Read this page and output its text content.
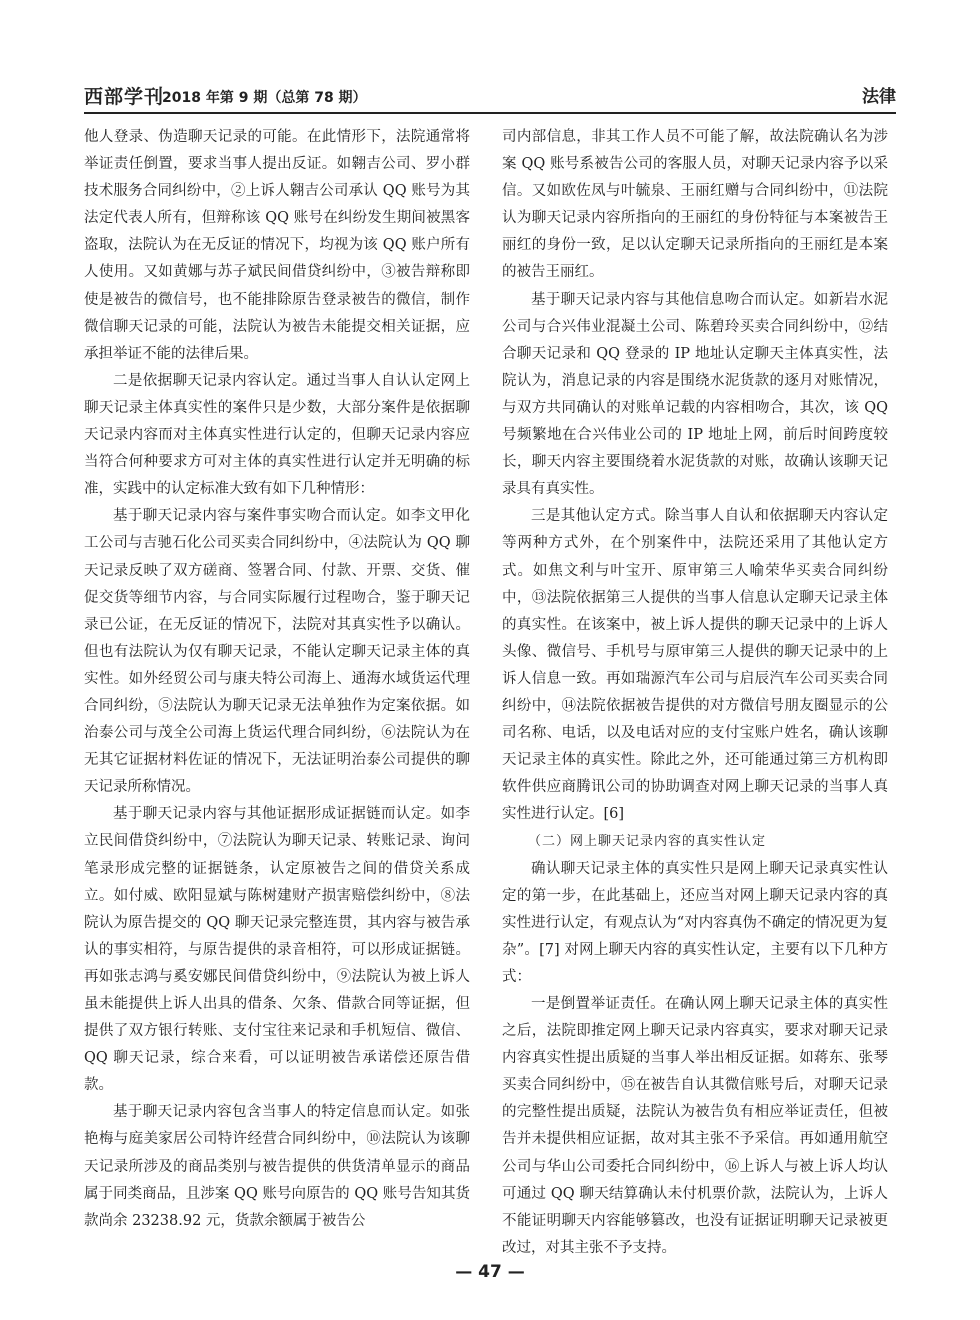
西部学刊
2018 年第 9 期（总第 78 期）	法律

他人登录、伪造聊天记录的可能。在此情形下，法院通常将举证责任倒置，要求当事人提出反证。如翱吉公司、罗小群技术服务合同纠纷中，②上诉人翱吉公司承认 QQ 账号为其法定代表人所有，但辩称该 QQ 账号在纠纷发生期间被黑客盗取，法院认为在无反证的情况下，均视为该 QQ 账户所有人使用。又如黄娜与苏子斌民间借贷纠纷中，③被告辩称即使是被告的微信号，也不能排除原告登录被告的微信，制作微信聊天记录的可能，法院认为被告未能提交相关证据，应承担举证不能的法律后果。

二是依据聊天记录内容认定。通过当事人自认认定网上聊天记录主体真实性的案件只是少数，大部分案件是依据聊天记录内容而对主体真实性进行认定的，但聊天记录内容应当符合何种要求方可对主体的真实性进行认定并无明确的标准，实践中的认定标准大致有如下几种情形：

基于聊天记录内容与案件事实吻合而认定。如李文甲化工公司与吉驰石化公司买卖合同纠纷中，④法院认为 QQ 聊天记录反映了双方磋商、签署合同、付款、开票、交货、催促交货等细节内容，与合同实际履行过程吻合，鉴于聊天记录已公证，在无反证的情况下，法院对其真实性予以确认。但也有法院认为仅有聊天记录，不能认定聊天记录主体的真实性。如外经贸公司与康夫特公司海上、通海水域货运代理合同纠纷，⑤法院认为聊天记录无法单独作为定案依据。如治泰公司与茂全公司海上货运代理合同纠纷，⑥法院认为在无其它证据材料佐证的情况下，无法证明治泰公司提供的聊天记录所称情况。

基于聊天记录内容与其他证据形成证据链而认定。如李立民间借贷纠纷中，⑦法院认为聊天记录、转账记录、询问笔录形成完整的证据链条，认定原被告之间的借贷关系成立。如付威、欧阳显斌与陈树建财产损害赔偿纠纷中，⑧法院认为原告提交的 QQ 聊天记录完整连贯，其内容与被告承认的事实相符，与原告提供的录音相符，可以形成证据链。再如张志鸿与奚安娜民间借贷纠纷中，⑨法院认为被上诉人虽未能提供上诉人出具的借条、欠条、借款合同等证据，但提供了双方银行转账、支付宝往来记录和手机短信、微信、QQ 聊天记录，综合来看，可以证明被告承诺偿还原告借款。

基于聊天记录内容包含当事人的特定信息而认定。如张艳梅与庭美家居公司特许经营合同纠纷中，⑩法院认为该聊天记录所涉及的商品类别与被告提供的供货清单显示的商品属于同类商品，且涉案 QQ 账号向原告的 QQ 账号告知其货款尚余 23238.92 元，货款余额属于被告公

司内部信息，非其工作人员不可能了解，故法院确认名为涉案 QQ 账号系被告公司的客服人员，对聊天记录内容予以采信。又如欧佐凤与叶毓泉、王丽红赠与合同纠纷中，⑪法院认为聊天记录内容所指向的王丽红的身份特征与本案被告王丽红的身份一致，足以认定聊天记录所指向的王丽红是本案的被告王丽红。

基于聊天记录内容与其他信息吻合而认定。如新岩水泥公司与合兴伟业混凝土公司、陈碧玲买卖合同纠纷中，⑫结合聊天记录和 QQ 登录的 IP 地址认定聊天主体真实性，法院认为，消息记录的内容是围绕水泥货款的逐月对账情况，与双方共同确认的对账单记载的内容相吻合，其次，该 QQ 号频繁地在合兴伟业公司的 IP 地址上网，前后时间跨度较长，聊天内容主要围绕着水泥货款的对账，故确认该聊天记录具有真实性。

三是其他认定方式。除当事人自认和依据聊天内容认定等两种方式外，在个别案件中，法院还采用了其他认定方式。如焦文利与叶宝开、原审第三人喻荣华买卖合同纠纷中，⑬法院依据第三人提供的当事人信息认定聊天记录主体的真实性。在该案中，被上诉人提供的聊天记录中的上诉人头像、微信号、手机号与原审第三人提供的聊天记录中的上诉人信息一致。再如瑞源汽车公司与启辰汽车公司买卖合同纠纷中，⑭法院依据被告提供的对方微信号朋友圈显示的公司名称、电话，以及电话对应的支付宝账户姓名，确认该聊天记录主体的真实性。除此之外，还可能通过第三方机构即软件供应商腾讯公司的协助调查对网上聊天记录的当事人真实性进行认定。[6]

（二）网上聊天记录内容的真实性认定

确认聊天记录主体的真实性只是网上聊天记录真实性认定的第一步，在此基础上，还应当对网上聊天记录内容的真实性进行认定，有观点认为“对内容真伪不确定的情况更为复杂”。[7] 对网上聊天内容的真实性认定，主要有以下几种方式：

一是倒置举证责任。在确认网上聊天记录主体的真实性之后，法院即推定网上聊天记录内容真实，要求对聊天记录内容真实性提出质疑的当事人举出相反证据。如蒋东、张琴买卖合同纠纷中，⑮在被告自认其微信账号后，对聊天记录的完整性提出质疑，法院认为被告负有相应举证责任，但被告并未提供相应证据，故对其主张不予采信。再如通用航空公司与华山公司委托合同纠纷中，⑯上诉人与被上诉人均认可通过 QQ 聊天结算确认未付机票价款，法院认为，上诉人不能证明聊天内容能够篡改，也没有证据证明聊天记录被更改过，对其主张不予支持。

— 47 —
